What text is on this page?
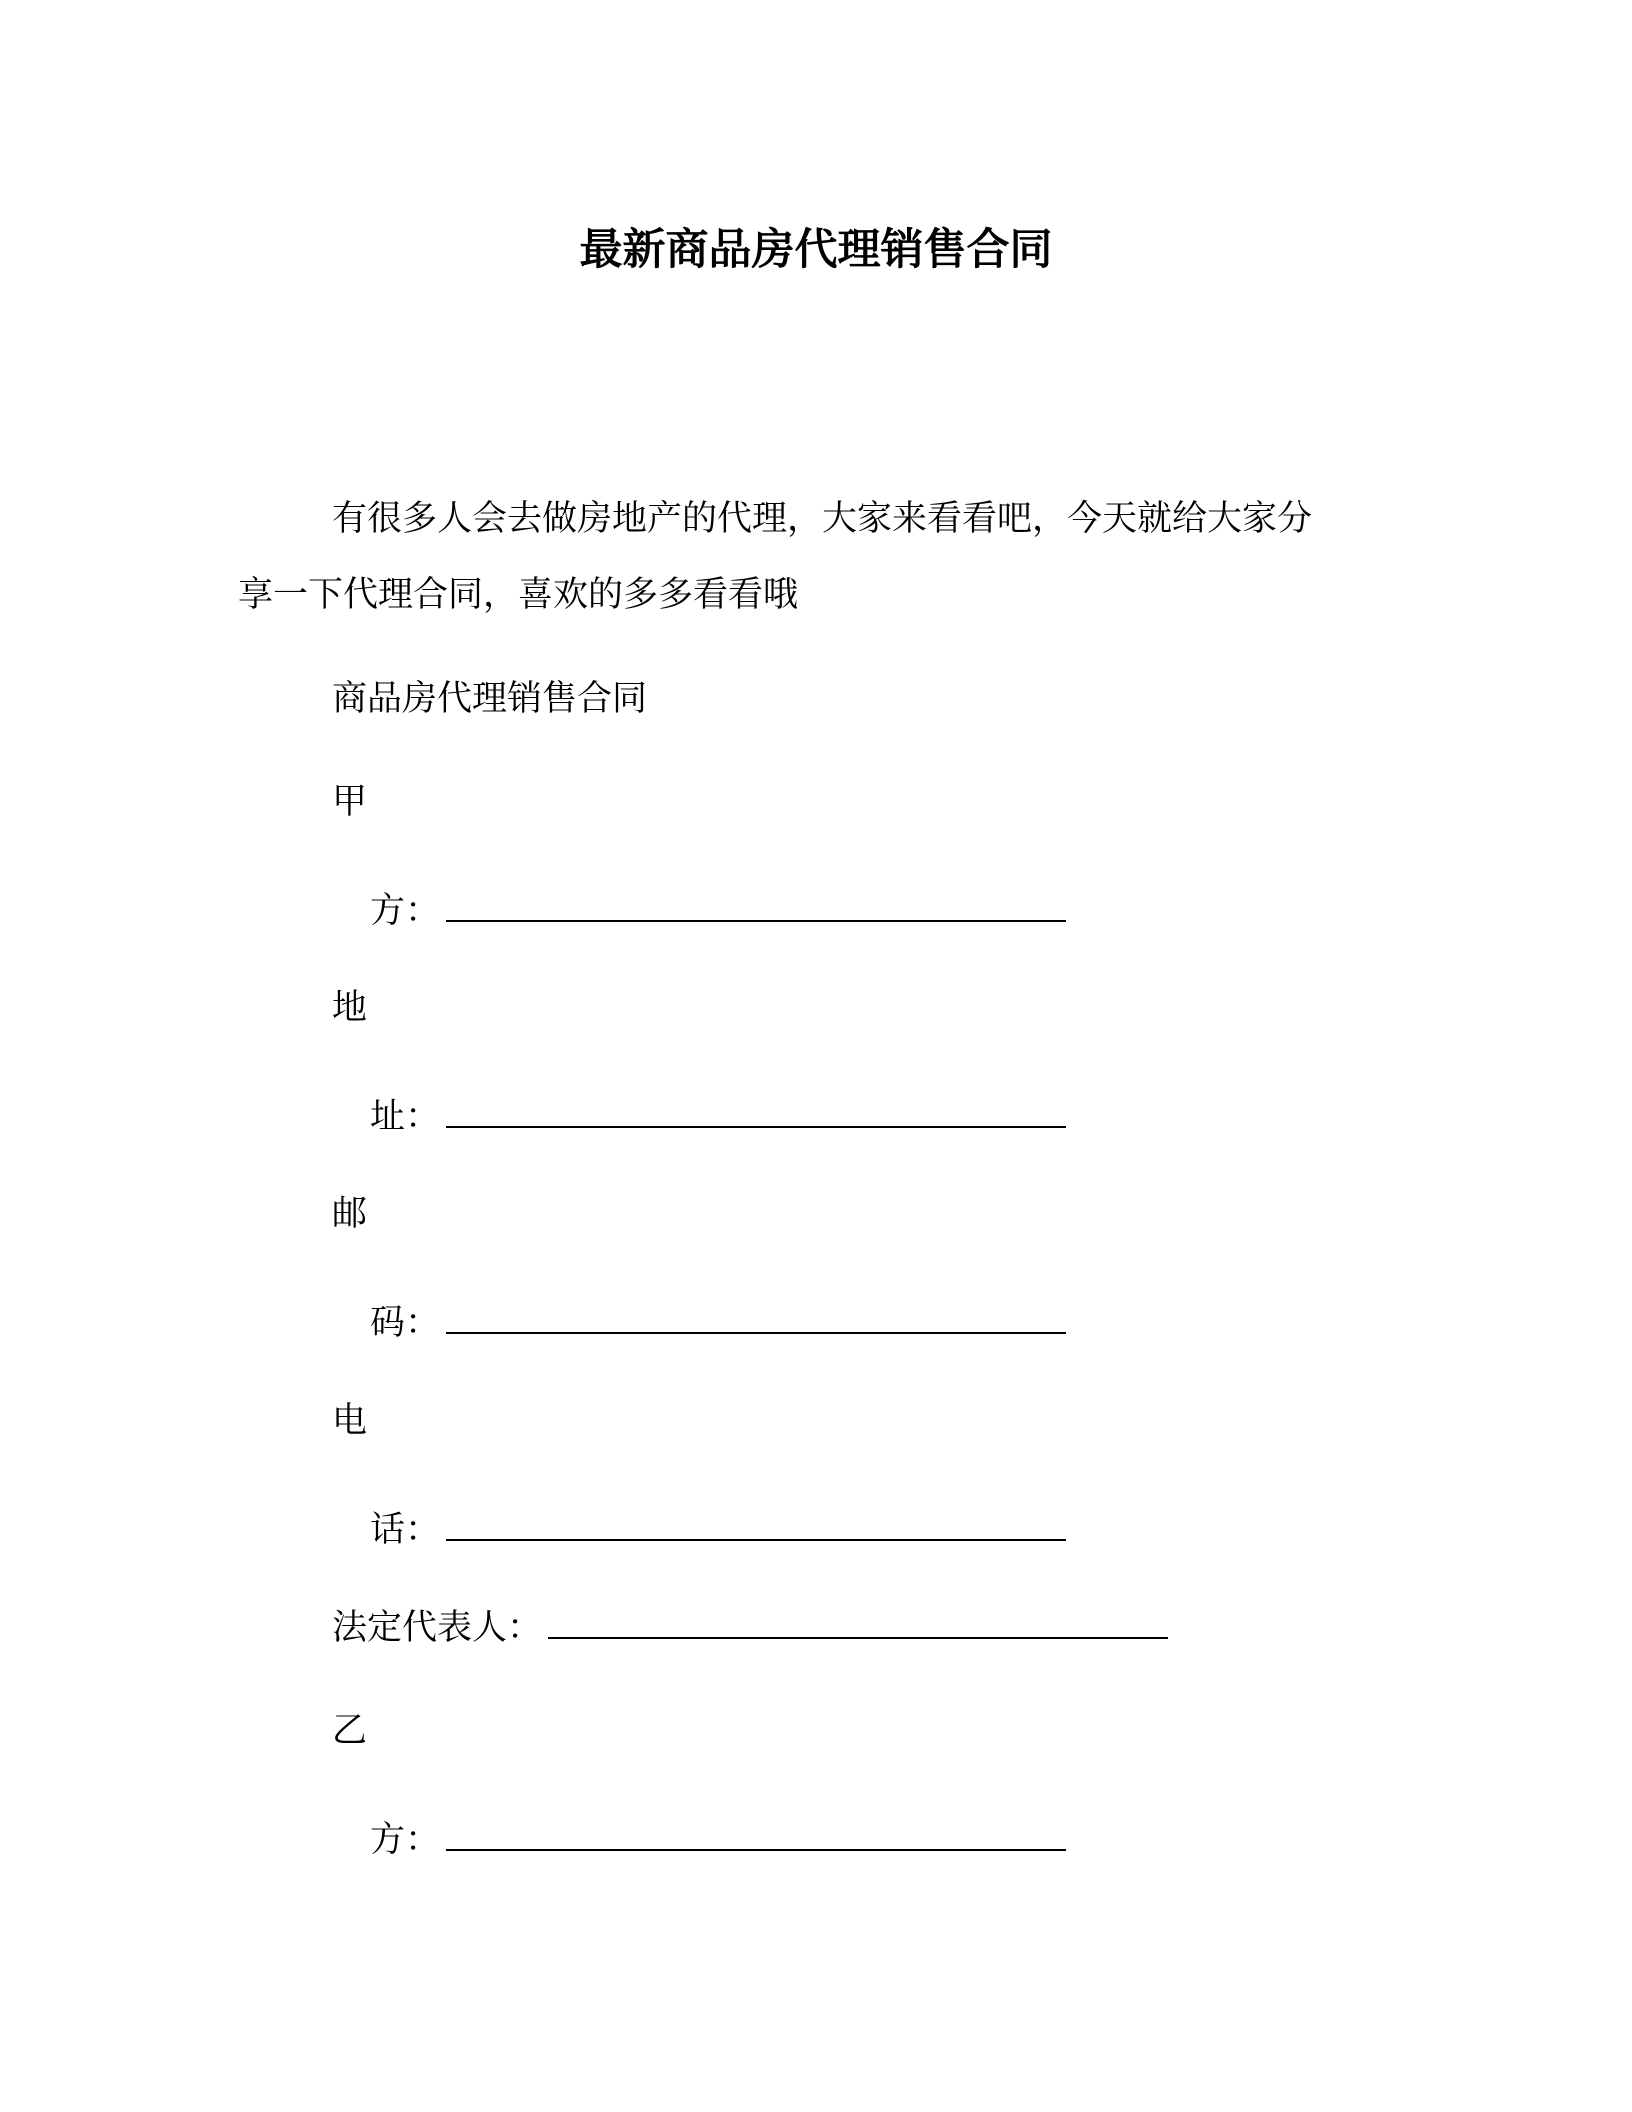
最新商品房代理销售合同
有很多人会去做房地产的代理，大家来看看吧，今天就给大家分
享一下代理合同，喜欢的多多看看哦
商品房代理销售合同
甲
方：
地
址：
邮
码：
电
话：
法定代表人：
乙
方：
